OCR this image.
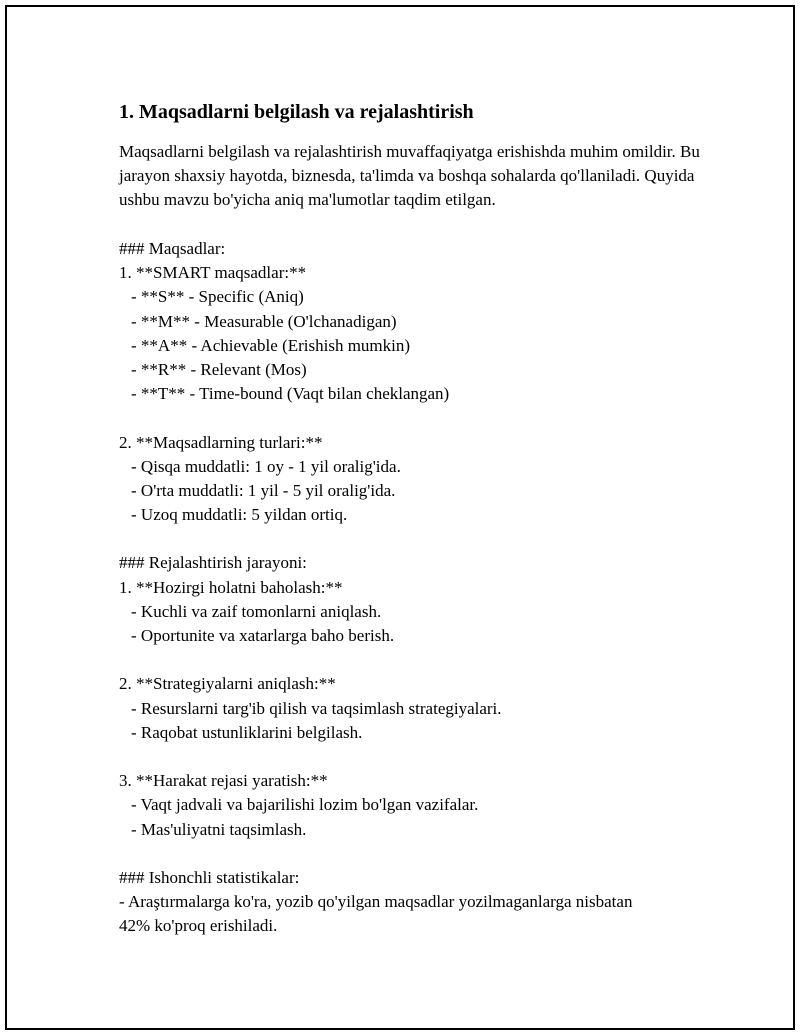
1. Maqsadlarni belgilash va rejalashtirish

Maqsadlarni belgilash va rejalashtirish muvaffaqiyatga erishishda muhim omildir. Bu jarayon shaxsiy hayotda, biznesda, ta'limda va boshqa sohalarda qo'llaniladi. Quyida ushbu mavzu bo'yicha aniq ma'lumotlar taqdim etilgan.

### Maqsadlar:
1. **SMART maqsadlar:**
- **S** - Specific (Aniq)
- **M** - Measurable (O'lchanadigan)
- **A** - Achievable (Erishish mumkin)
- **R** - Relevant (Mos)
- **T** - Time-bound (Vaqt bilan cheklangan)
2. **Maqsadlarning turlari:**
- Qisqa muddatli: 1 oy - 1 yil oralig'ida.
- O'rta muddatli: 1 yil - 5 yil oralig'ida.
- Uzoq muddatli: 5 yildan ortiq.
### Rejalashtirish jarayoni:
1. **Hozirgi holatni baholash:**
- Kuchli va zaif tomonlarni aniqlash.
- Oportunite va xatarlarga baho berish.
2. **Strategiyalarni aniqlash:**
- Resurslarni targ'ib qilish va taqsimlash strategiyalari.
- Raqobat ustunliklarini belgilash.
3. **Harakat rejasi yaratish:**
- Vaqt jadvali va bajarilishi lozim bo'lgan vazifalar.
- Mas'uliyatni taqsimlash.
### Ishonchli statistikalar:
- Araştırmalarga ko'ra, yozib qo'yilgan maqsadlar yozilmaganlarga nisbatan
42% ko'proq erishiladi.
